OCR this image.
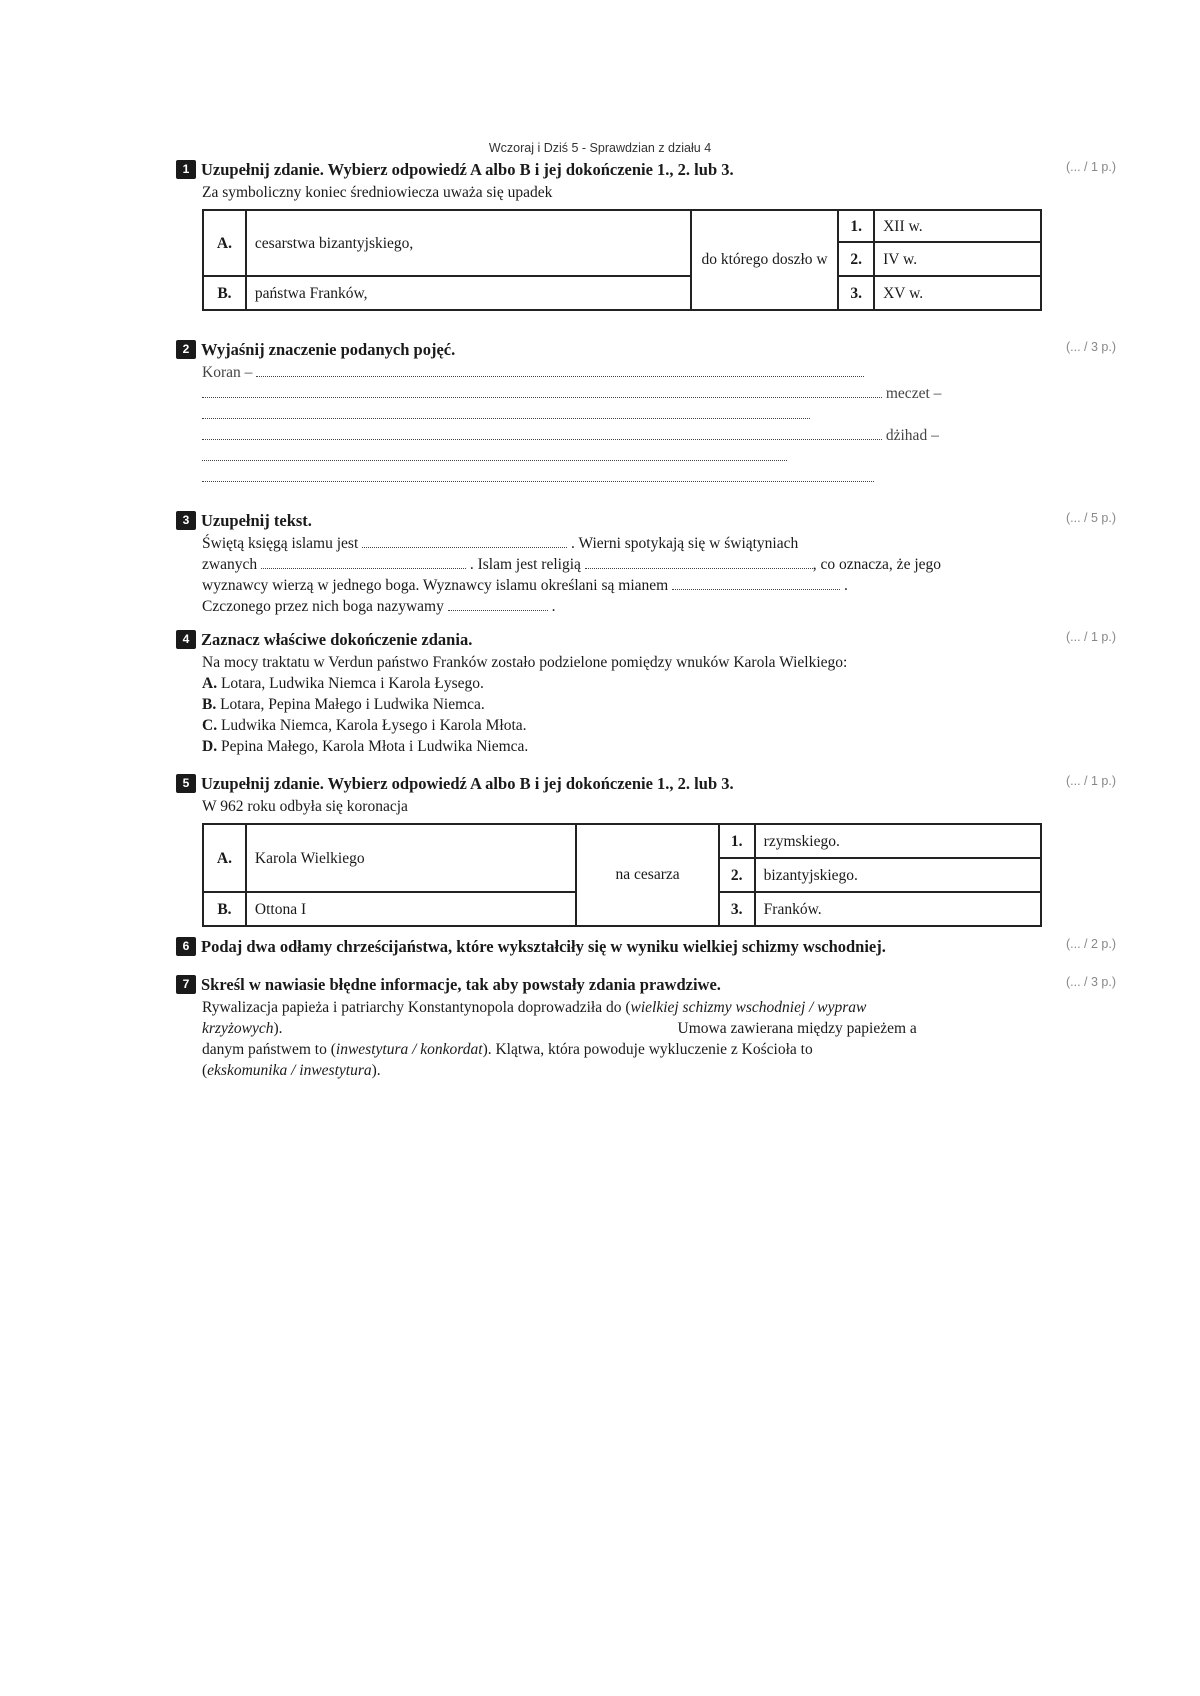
Wczoraj i Dziś 5 - Sprawdzian z działu 4
1 Uzupełnij zdanie. Wybierz odpowiedź A albo B i jej dokończenie 1., 2. lub 3.	(... / 1 p.)
Za symboliczny koniec średniowiecza uważa się upadek
A.	cesarstwa bizantyjskiego,	do którego doszło w	1.	XII w.

			2.	IV w.
B.	państwa Franków,			
			3.	XV w.

2 Wyjaśnij znaczenie podanych pojęć.	(... / 3 p.)
Koran –
meczet –
dżihad –
3 Uzupełnij tekst.	(... / 5 p.)
Świętą księgą islamu jest	. Wierni spotykają się w świątyniach
zwanych	. Islam jest religią	, co oznacza, że jego
wyznawcy wierzą w jednego boga. Wyznawcy islamu określani są mianem	.
Czczonego przez nich boga nazywamy	.
4 Zaznacz właściwe dokończenie zdania.	(... / 1 p.)
Na mocy traktatu w Verdun państwo Franków zostało podzielone pomiędzy wnuków Karola Wielkiego:
A. Lotara, Ludwika Niemca i Karola Łysego.
B. Lotara, Pepina Małego i Ludwika Niemca.
C. Ludwika Niemca, Karola Łysego i Karola Młota.
D. Pepina Małego, Karola Młota i Ludwika Niemca.
5 Uzupełnij zdanie. Wybierz odpowiedź A albo B i jej dokończenie 1., 2. lub 3.	(... / 1 p.)
W 962 roku odbyła się koronacja
A.	Karola Wielkiego	na cesarza	1.	rzymskiego.

			2.	bizantyjskiego.
B.	Ottona I			
			3.	Franków.

6 Podaj dwa odłamy chrześcijaństwa, które wykształciły się w wyniku wielkiej schizmy wschodniej.	(... / 2 p.)
7 Skreśl w nawiasie błędne informacje, tak aby powstały zdania prawdziwe.	(... / 3 p.)
Rywalizacja papieża i patriarchy Konstantynopola doprowadziła do (wielkiej schizmy wschodniej / wypraw
krzyżowych).	Umowa zawierana między papieżem a
danym państwem to (inwestytura / konkordat). Klątwa, która powoduje wykluczenie z Kościoła to
(ekskomunika / inwestytura).
